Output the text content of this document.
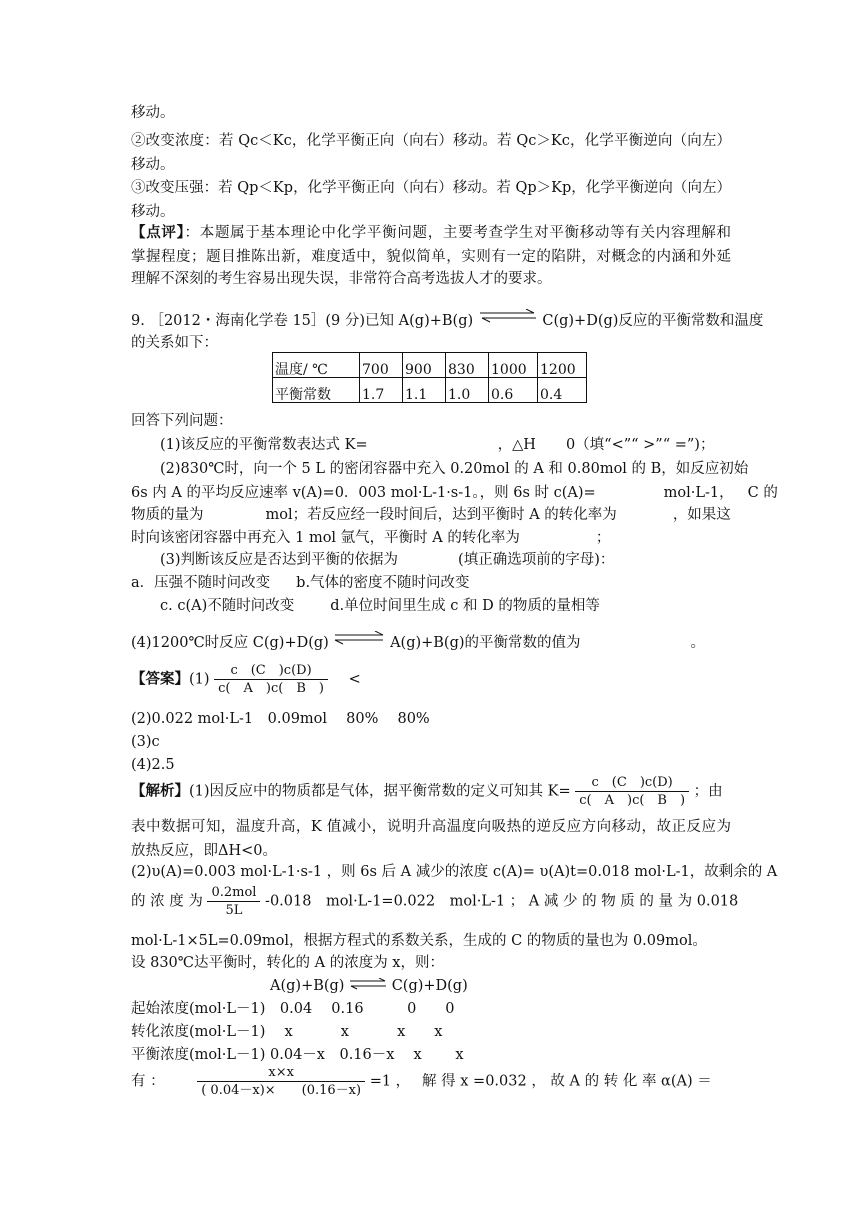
移动。
②改变浓度：若 Qc＜Kc，化学平衡正向（向右）移动。若 Qc＞Kc，化学平衡逆向（向左）
移动。
③改变压强：若 Qp＜Kp，化学平衡正向（向右）移动。若 Qp＞Kp，化学平衡逆向（向左）
移动。
【点评】：本题属于基本理论中化学平衡问题，主要考查学生对平衡移动等有关内容理解和
掌握程度；题目推陈出新，难度适中，貌似简单，实则有一定的陷阱，对概念的内涵和外延
理解不深刻的考生容易出现失误，非常符合高考选拔人才的要求。
9. ［2012・海南化学卷 15］(9 分)已知 A(g)+B(g)	C(g)+D(g)反应的平衡常数和温度
的关系如下：
温度/ ℃	700	900	830	1000	1200
平衡常数	1.7	1.1	1.0	0.6	0.4
回答下列问题：
(1)该反应的平衡常数表达式 K=	，△H 0（填“<”“ >”“ =”)；
(2)830℃时，向一个 5 L 的密闭容器中充入 0.20mol 的 A 和 0.80mol 的 B，如反应初始
6s 内 A 的平均反应速率 v(A)=0．003 mol·L-1·s-1。，则 6s 时 c(A)=	mol·L-1， C 的
物质的量为	mol；若反应经一段时间后，达到平衡时 A 的转化率为	，如果这
时向该密闭容器中再充入 1 mol 氩气，平衡时 A 的转化率为	；
(3)判断该反应是否达到平衡的依据为	(填正确选项前的字母)：
a．压强不随时问改变 b.气体的密度不随时问改变
c. c(A)不随时问改变 d.单位时间里生成 c 和 D 的物质的量相等
(4)1200℃时反应 C(g)+D(g) ⇌ A(g)+B(g)的平衡常数的值为	。
【答案】$(1) \frac{c (C )c(D)}{c( A )c( B )}$ <
(2)0.022 mol·L-1　0.09mol　 80%　 80%
(3)c
(4)2.5
【解析】(1)因反应中的物质都是气体，据平衡常数的定义可知其 $K= \frac{c (C )c(D)}{c( A )c( B )}$ ；由
表中数据可知，温度升高，K 值减小，说明升高温度向吸热的逆反应方向移动，故正反应为
放热反应，即ΔH<0。
(2)υ(A)=0.003 mol·L-1·s-1 ，则 6s 后 A 减少的浓度 c(A)= υ(A)t=0.018 mol·L-1，故剩余的 A
的 浓 度 为 $\frac{\text{0.2mol}}{5L} -0.018$　mol·L-1=0.022　mol·L-1 ； A 减 少 的 物 质 的 量 为 0.018
mol·L-1×5L=0.09mol，根据方程式的系数关系，生成的 C 的物质的量也为 0.09mol。
设 830℃达平衡时，转化的 A 的浓度为 x，则：
A(g)+B(g) ⇌ C(g)+D(g)
起始浓度(mol·L－1)　0.04　 0.16　　　0　　0
转化浓度(mol·L－1)　 x　　　 x　　　 x　　x
平衡浓度(mol·L－1) 0.04－x　0.16－x　 x　　 x
有 ：	$\frac{x\times x}{( 0.04-x)\times (0.16-x)} =1$ ，　 解 得 x =0.032 ， 故 A 的 转 化 率 α(A) ＝
